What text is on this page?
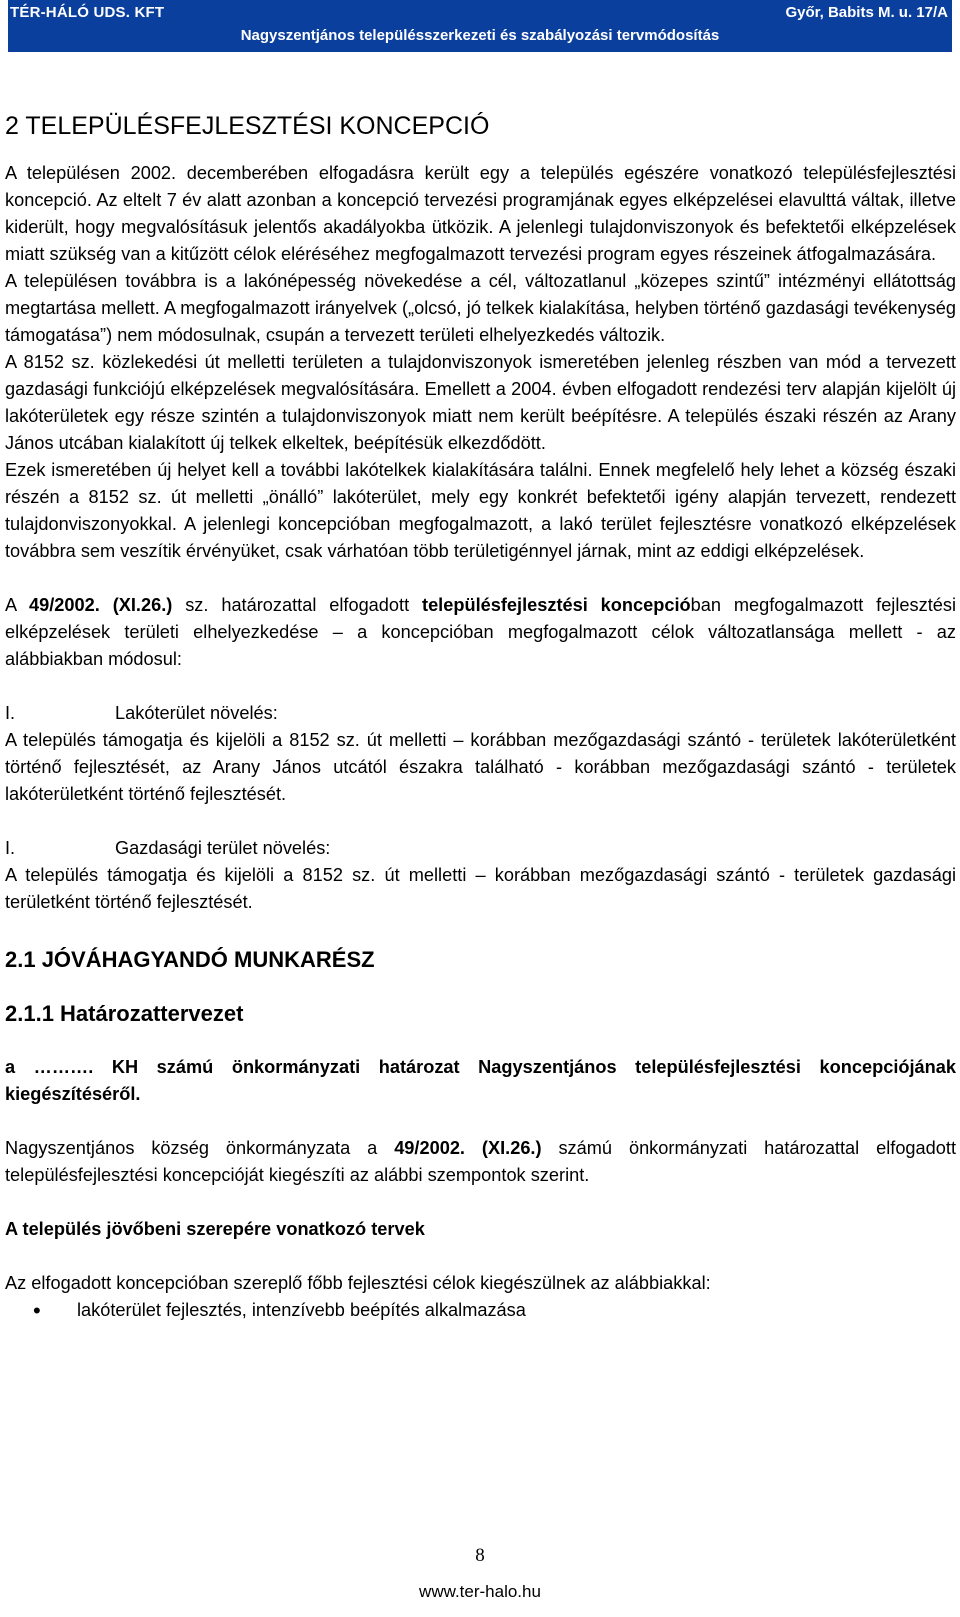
TÉR-HÁLÓ UDS. KFT	Győr, Babits M. u. 17/A
Nagyszentjános településszerkezeti és szabályozási tervmódosítás
2 TELEPÜLÉSFEJLESZTÉSI KONCEPCIÓ

A településen 2002. decemberében elfogadásra került egy a település egészére vonatkozó településfejlesztési koncepció. Az eltelt 7 év alatt azonban a koncepció tervezési programjának egyes elképzelései elavulttá váltak, illetve kiderült, hogy megvalósításuk jelentős akadályokba ütközik. A jelenlegi tulajdonviszonyok és befektetői elképzelések miatt szükség van a kitűzött célok eléréséhez megfogalmazott tervezési program egyes részeinek átfogalmazására.

A településen továbbra is a lakónépesség növekedése a cél, változatlanul „közepes szintű” intézményi ellátottság megtartása mellett. A megfogalmazott irányelvek („olcsó, jó telkek kialakítása, helyben történő gazdasági tevékenység támogatása”) nem módosulnak, csupán a tervezett területi elhelyezkedés változik.

A 8152 sz. közlekedési út melletti területen a tulajdonviszonyok ismeretében jelenleg részben van mód a tervezett gazdasági funkciójú elképzelések megvalósítására. Emellett a 2004. évben elfogadott rendezési terv alapján kijelölt új lakóterületek egy része szintén a tulajdonviszonyok miatt nem került beépítésre. A település északi részén az Arany János utcában kialakított új telkek elkeltek, beépítésük elkezdődött.

Ezek ismeretében új helyet kell a további lakótelkek kialakítására találni. Ennek megfelelő hely lehet a község északi részén a 8152 sz. út melletti „önálló” lakóterület, mely egy konkrét befektetői igény alapján tervezett, rendezett tulajdonviszonyokkal. A jelenlegi koncepcióban megfogalmazott, a lakó terület fejlesztésre vonatkozó elképzelések továbbra sem veszítik érvényüket, csak várhatóan több területigénnyel járnak, mint az eddigi elképzelések.

A 49/2002. (XI.26.) sz. határozattal elfogadott településfejlesztési koncepcióban megfogalmazott fejlesztési elképzelések területi elhelyezkedése – a koncepcióban megfogalmazott célok változatlansága mellett - az alábbiakban módosul:

I.	Lakóterület növelés:

A település támogatja és kijelöli a 8152 sz. út melletti – korábban mezőgazdasági szántó - területek lakóterületként történő fejlesztését, az Arany János utcától északra található - korábban mezőgazdasági szántó - területek lakóterületként történő fejlesztését.

I.	Gazdasági terület növelés:

A település támogatja és kijelöli a 8152 sz. út melletti – korábban mezőgazdasági szántó - területek gazdasági területként történő fejlesztését.

2.1 JÓVÁHAGYANDÓ MUNKARÉSZ
2.1.1 Határozattervezet

a ………. KH számú önkormányzati határozat Nagyszentjános településfejlesztési koncepciójának kiegészítéséről.

Nagyszentjános község önkormányzata a 49/2002. (XI.26.) számú önkormányzati határozattal elfogadott településfejlesztési koncepcióját kiegészíti az alábbi szempontok szerint.

A település jövőbeni szerepére vonatkozó tervek

Az elfogadott koncepcióban szereplő főbb fejlesztési célok kiegészülnek az alábbiakkal:

• lakóterület fejlesztés, intenzívebb beépítés alkalmazása
8
www.ter-halo.hu
